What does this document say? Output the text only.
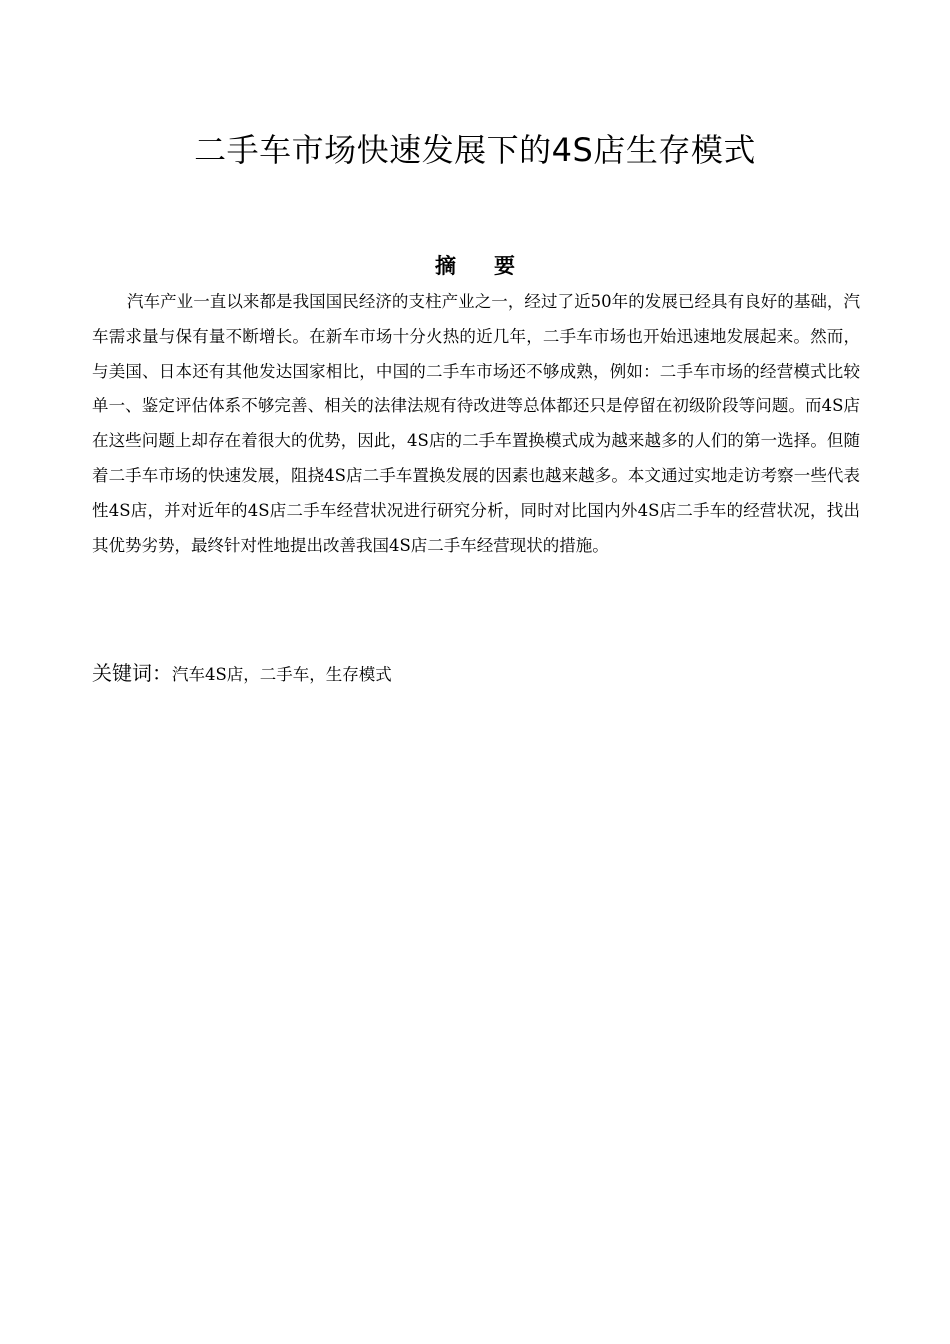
二手车市场快速发展下的4S店生存模式
摘要

汽车产业一直以来都是我国国民经济的支柱产业之一，经过了近50年的发展已经具有良好的基础，汽车需求量与保有量不断增长。在新车市场十分火热的近几年，二手车市场也开始迅速地发展起来。然而，与美国、日本还有其他发达国家相比，中国的二手车市场还不够成熟，例如：二手车市场的经营模式比较单一、鉴定评估体系不够完善、相关的法律法规有待改进等总体都还只是停留在初级阶段等问题。而4S店在这些问题上却存在着很大的优势，因此，4S店的二手车置换模式成为越来越多的人们的第一选择。但随着二手车市场的快速发展，阻挠4S店二手车置换发展的因素也越来越多。本文通过实地走访考察一些代表性4S店，并对近年的4S店二手车经营状况进行研究分析，同时对比国内外4S店二手车的经营状况，找出其优势劣势，最终针对性地提出改善我国4S店二手车经营现状的措施。

关键词：汽车4S店，二手车，生存模式
